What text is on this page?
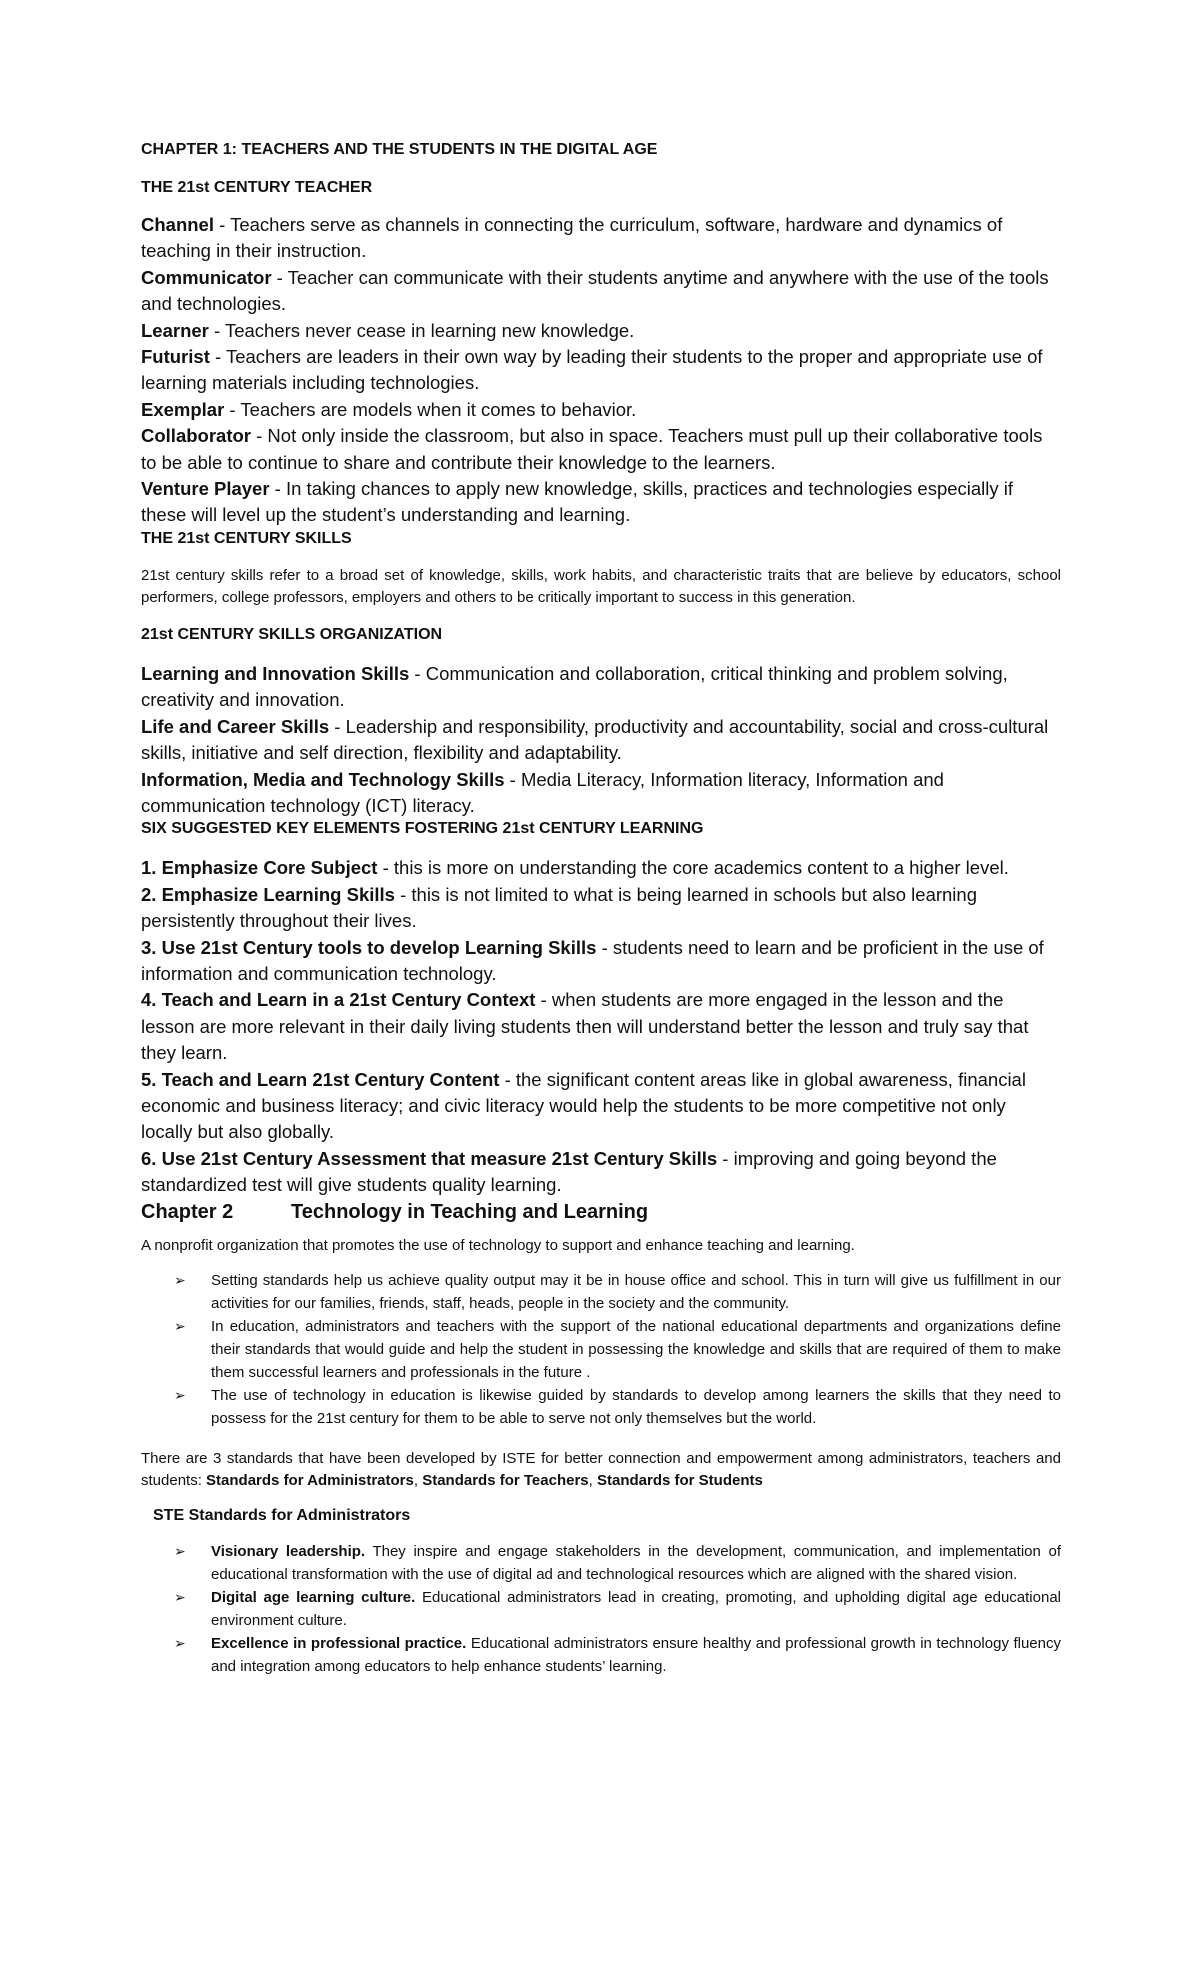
CHAPTER 1: TEACHERS AND THE STUDENTS IN THE DIGITAL AGE
THE 21st CENTURY TEACHER

Channel - Teachers serve as channels in connecting the curriculum, software, hardware and dynamics of teaching in their instruction.

Communicator - Teacher can communicate with their students anytime and anywhere with the use of the tools and technologies.

Learner - Teachers never cease in learning new knowledge.

Futurist - Teachers are leaders in their own way by leading their students to the proper and appropriate use of learning materials including technologies.

Exemplar - Teachers are models when it comes to behavior.

Collaborator - Not only inside the classroom, but also in space. Teachers must pull up their collaborative tools to be able to continue to share and contribute their knowledge to the learners.

Venture Player - In taking chances to apply new knowledge, skills, practices and technologies especially if these will level up the student’s understanding and learning.

THE 21st CENTURY SKILLS

21st century skills refer to a broad set of knowledge, skills, work habits, and characteristic traits that are believe by educators, school performers, college professors, employers and others to be critically important to success in this generation.

21st CENTURY SKILLS ORGANIZATION

Learning and Innovation Skills - Communication and collaboration, critical thinking and problem solving, creativity and innovation.

Life and Career Skills - Leadership and responsibility, productivity and accountability, social and cross-cultural skills, initiative and self direction, flexibility and adaptability.

Information, Media and Technology Skills - Media Literacy, Information literacy, Information and communication technology (ICT) literacy.

SIX SUGGESTED KEY ELEMENTS FOSTERING 21st CENTURY LEARNING

1. Emphasize Core Subject - this is more on understanding the core academics content to a higher level.

2. Emphasize Learning Skills - this is not limited to what is being learned in schools but also learning persistently throughout their lives.

3. Use 21st Century tools to develop Learning Skills - students need to learn and be proficient in the use of information and communication technology.

4. Teach and Learn in a 21st Century Context - when students are more engaged in the lesson and the lesson are more relevant in their daily living students then will understand better the lesson and truly say that they learn.

5. Teach and Learn 21st Century Content - the significant content areas like in global awareness, financial economic and business literacy; and civic literacy would help the students to be more competitive not only locally but also globally.

6. Use 21st Century Assessment that measure 21st Century Skills - improving and going beyond the standardized test will give students quality learning.

Chapter 2	Technology in Teaching and Learning

A nonprofit organization that promotes the use of technology to support and enhance teaching and learning.

➢ Setting standards help us achieve quality output may it be in house office and school. This in turn will give us fulfillment in our activities for our families, friends, staff, heads, people in the society and the community.
➢ In education, administrators and teachers with the support of the national educational departments and organizations define their standards that would guide and help the student in possessing the knowledge and skills that are required of them to make them successful learners and professionals in the future .
➢ The use of technology in education is likewise guided by standards to develop among learners the skills that they need to possess for the 21st century for them to be able to serve not only themselves but the world.

There are 3 standards that have been developed by ISTE for better connection and empowerment among administrators, teachers and students: Standards for Administrators, Standards for Teachers, Standards for Students

STE Standards for Administrators
➢ Visionary leadership. They inspire and engage stakeholders in the development, communication, and implementation of educational transformation with the use of digital ad and technological resources which are aligned with the shared vision.
➢ Digital age learning culture. Educational administrators lead in creating, promoting, and upholding digital age educational environment culture.
➢ Excellence in professional practice. Educational administrators ensure healthy and professional growth in technology fluency and integration among educators to help enhance students’ learning.
